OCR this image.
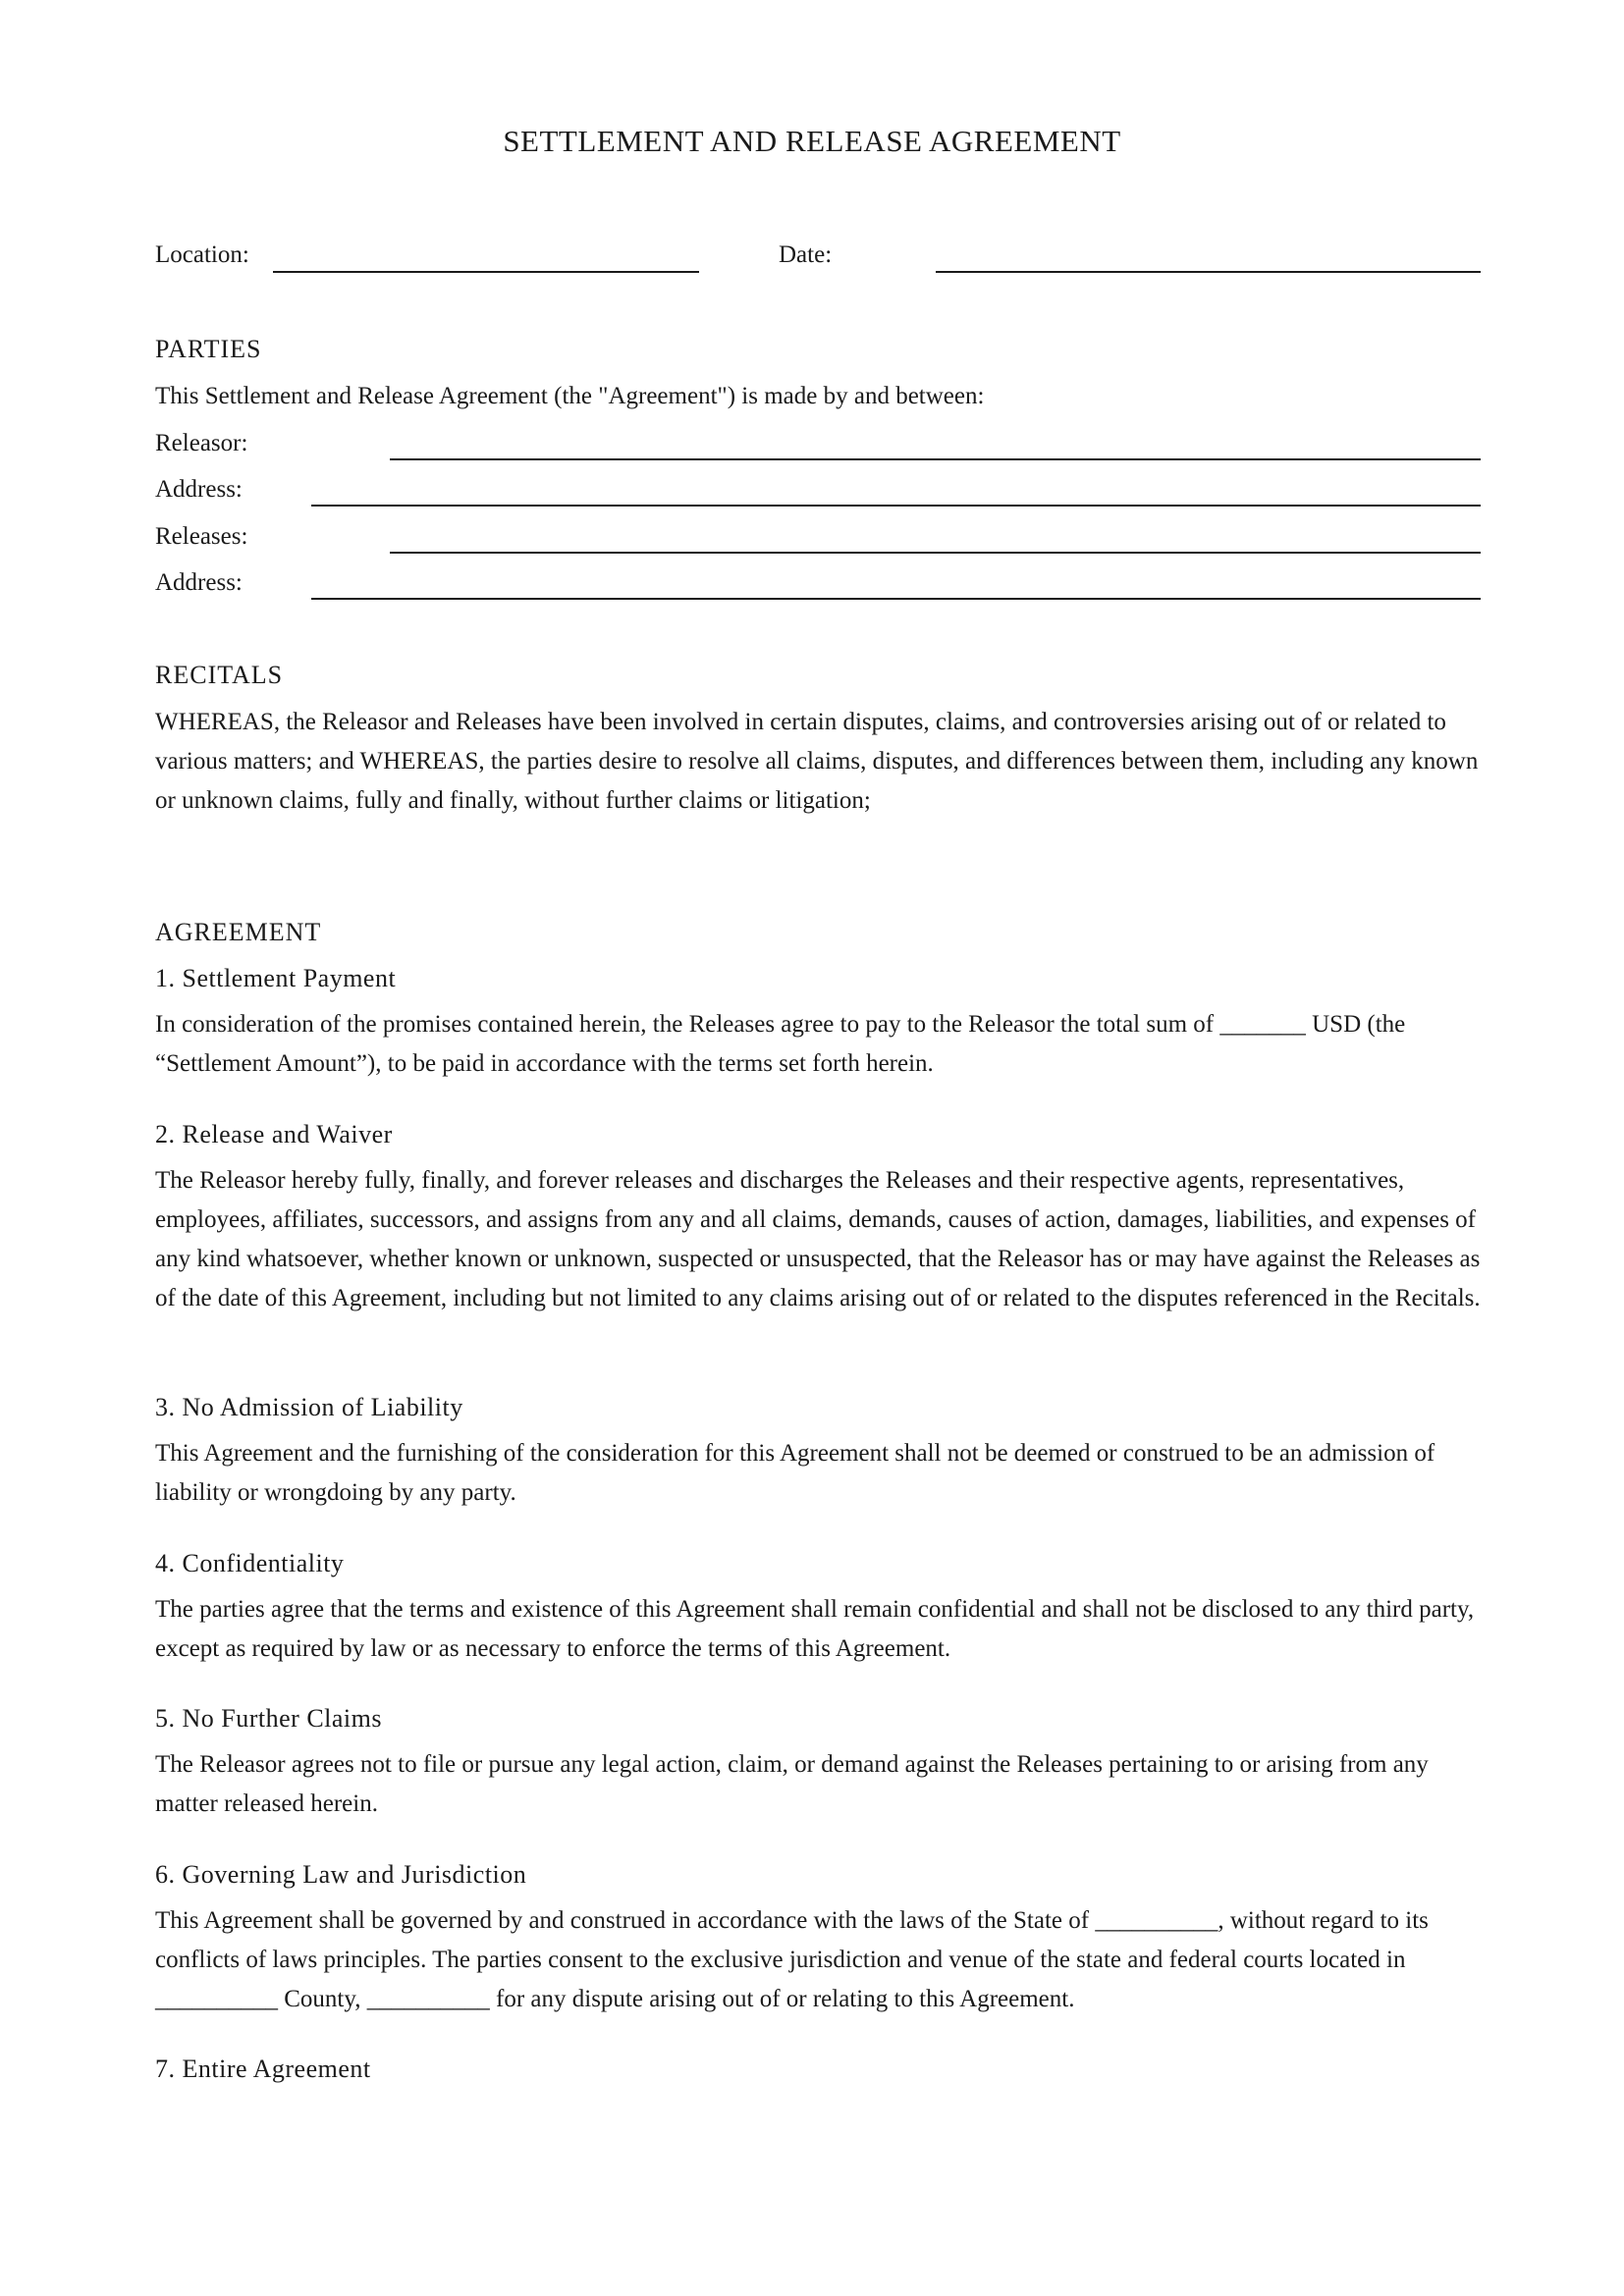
SETTLEMENT AND RELEASE AGREEMENT
Location:	Date:
PARTIES
This Settlement and Release Agreement (the "Agreement") is made by and between:
Releasor:
Address:
Releases:
Address:
RECITALS
WHEREAS, the Releasor and Releases have been involved in certain disputes, claims, and controversies arising out of or related to various matters; and WHEREAS, the parties desire to resolve all claims, disputes, and differences between them, including any known or unknown claims, fully and finally, without further claims or litigation;
AGREEMENT
1. Settlement Payment
In consideration of the promises contained herein, the Releases agree to pay to the Releasor the total sum of _______ USD (the “Settlement Amount”), to be paid in accordance with the terms set forth herein.
2. Release and Waiver
The Releasor hereby fully, finally, and forever releases and discharges the Releases and their respective agents, representatives, employees, affiliates, successors, and assigns from any and all claims, demands, causes of action, damages, liabilities, and expenses of any kind whatsoever, whether known or unknown, suspected or unsuspected, that the Releasor has or may have against the Releases as of the date of this Agreement, including but not limited to any claims arising out of or related to the disputes referenced in the Recitals.
3. No Admission of Liability
This Agreement and the furnishing of the consideration for this Agreement shall not be deemed or construed to be an admission of liability or wrongdoing by any party.
4. Confidentiality
The parties agree that the terms and existence of this Agreement shall remain confidential and shall not be disclosed to any third party, except as required by law or as necessary to enforce the terms of this Agreement.
5. No Further Claims
The Releasor agrees not to file or pursue any legal action, claim, or demand against the Releases pertaining to or arising from any matter released herein.
6. Governing Law and Jurisdiction
This Agreement shall be governed by and construed in accordance with the laws of the State of __________, without regard to its conflicts of laws principles. The parties consent to the exclusive jurisdiction and venue of the state and federal courts located in __________ County, __________ for any dispute arising out of or relating to this Agreement.
7. Entire Agreement
